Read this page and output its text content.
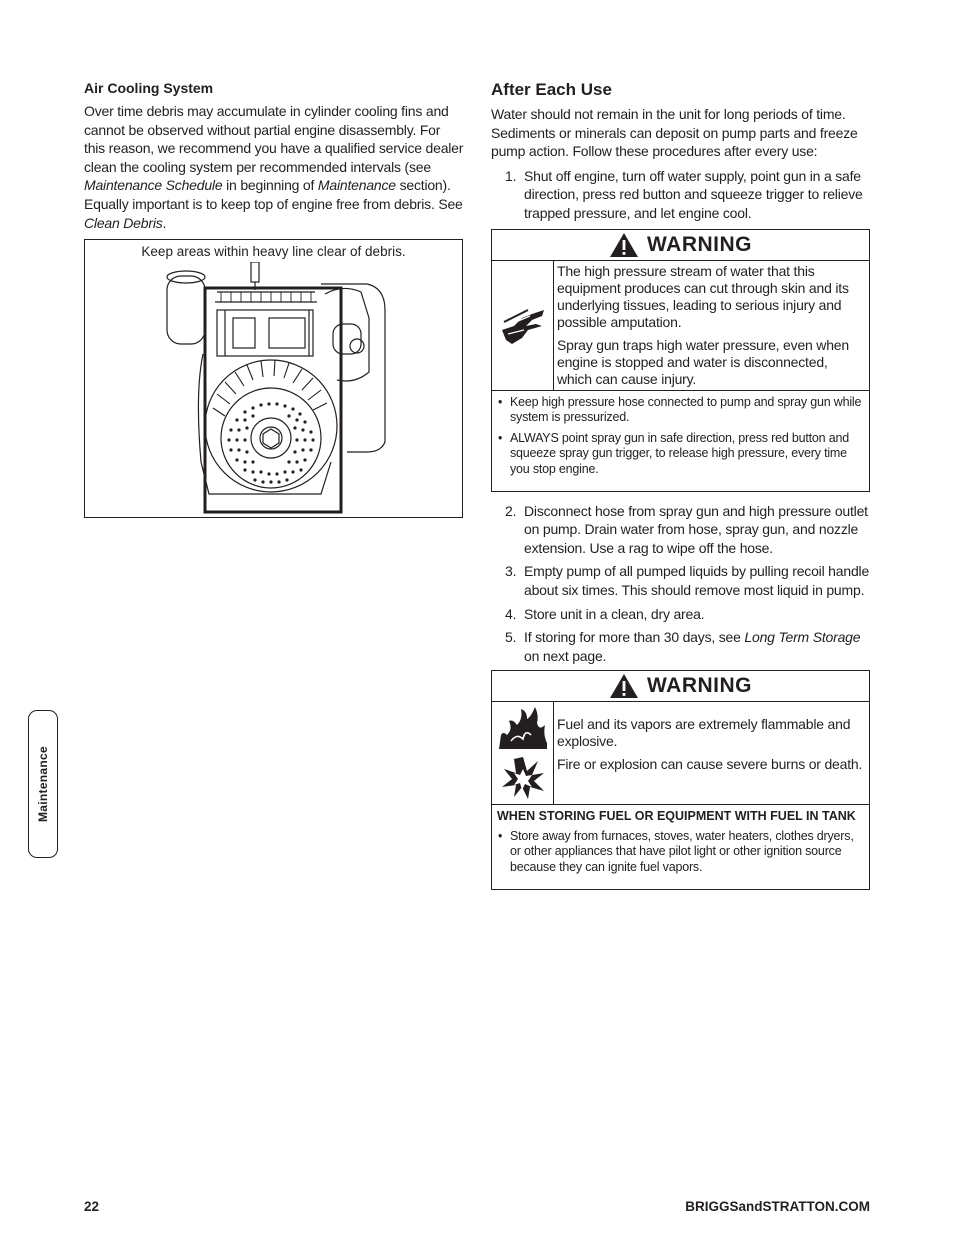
Air Cooling System

Over time debris may accumulate in cylinder cooling fins and cannot be observed without partial engine disassembly. For this reason, we recommend you have a qualified service dealer clean the cooling system per recommended intervals (see Maintenance Schedule in beginning of Maintenance section). Equally important is to keep top of engine free from debris. See Clean Debris.

Keep areas within heavy line clear of debris.
After Each Use

Water should not remain in the unit for long periods of time. Sediments or minerals can deposit on pump parts and freeze pump action. Follow these procedures after every use:

1. Shut off engine, turn off water supply, point gun in a safe direction, press red button and squeeze trigger to relieve trapped pressure, and let engine cool.
WARNING

The high pressure stream of water that this equipment produces can cut through skin and its underlying tissues, leading to serious injury and possible amputation.

Spray gun traps high water pressure, even when engine is stopped and water is disconnected, which can cause injury.

• Keep high pressure hose connected to pump and spray gun while system is pressurized.
• ALWAYS point spray gun in safe direction, press red button and squeeze spray gun trigger, to release high pressure, every time you stop engine.
2. Disconnect hose from spray gun and high pressure outlet on pump. Drain water from hose, spray gun, and nozzle extension. Use a rag to wipe off the hose.
3. Empty pump of all pumped liquids by pulling recoil handle about six times. This should remove most liquid in pump.
4. Store unit in a clean, dry area.
5. If storing for more than 30 days, see Long Term Storage on next page.
WARNING

Fuel and its vapors are extremely flammable and explosive.

Fire or explosion can cause severe burns or death.

WHEN STORING FUEL OR EQUIPMENT WITH FUEL IN TANK
• Store away from furnaces, stoves, water heaters, clothes dryers, or other appliances that have pilot light or other ignition source because they can ignite fuel vapors.
Maintenance
22	BRIGGSandSTRATTON.COM
